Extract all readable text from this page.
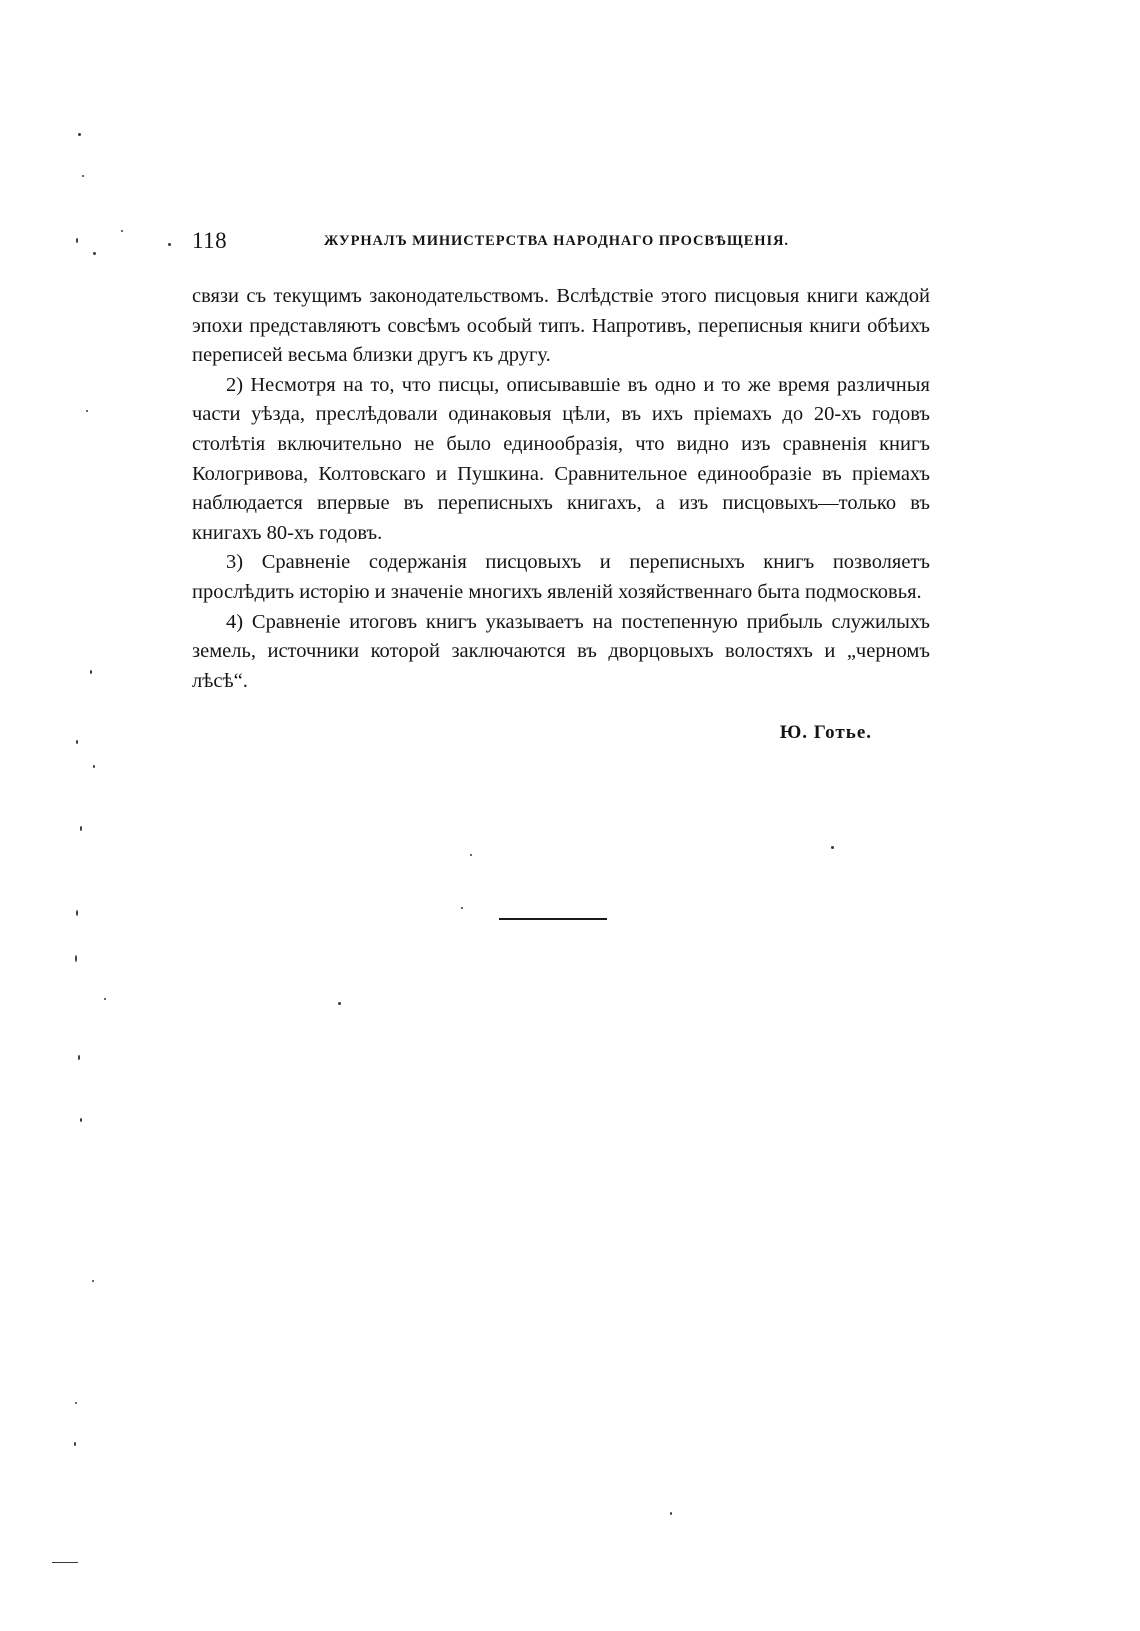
118	ЖУРНАЛЪ МИНИСТЕРСТВА НАРОДНАГО ПРОСВѢЩЕНІЯ.

связи съ текущимъ законодательствомъ. Вслѣдствіе этого писцовыя книги каждой эпохи представляютъ совсѣмъ особый типъ. Напротивъ, переписныя книги обѣихъ переписей весьма близки другъ къ другу.

2) Несмотря на то, что писцы, описывавшіе въ одно и то же время различныя части уѣзда, преслѣдовали одинаковыя цѣли, въ ихъ пріемахъ до 20-хъ годовъ столѣтія включительно не было единообразія, что видно изъ сравненія книгъ Кологривова, Колтовскаго и Пушкина. Сравнительное единообразіе въ пріемахъ наблюдается впервые въ переписныхъ книгахъ, а изъ писцовыхъ—только въ книгахъ 80-хъ годовъ.

3) Сравненіе содержанія писцовыхъ и переписныхъ книгъ позволяетъ прослѣдить исторію и значеніе многихъ явленій хозяйственнаго быта подмосковья.

4) Сравненіе итоговъ книгъ указываетъ на постепенную прибыль служилыхъ земель, источники которой заключаются въ дворцовыхъ волостяхъ и „черномъ лѣсѣ“.

Ю. Готье.
